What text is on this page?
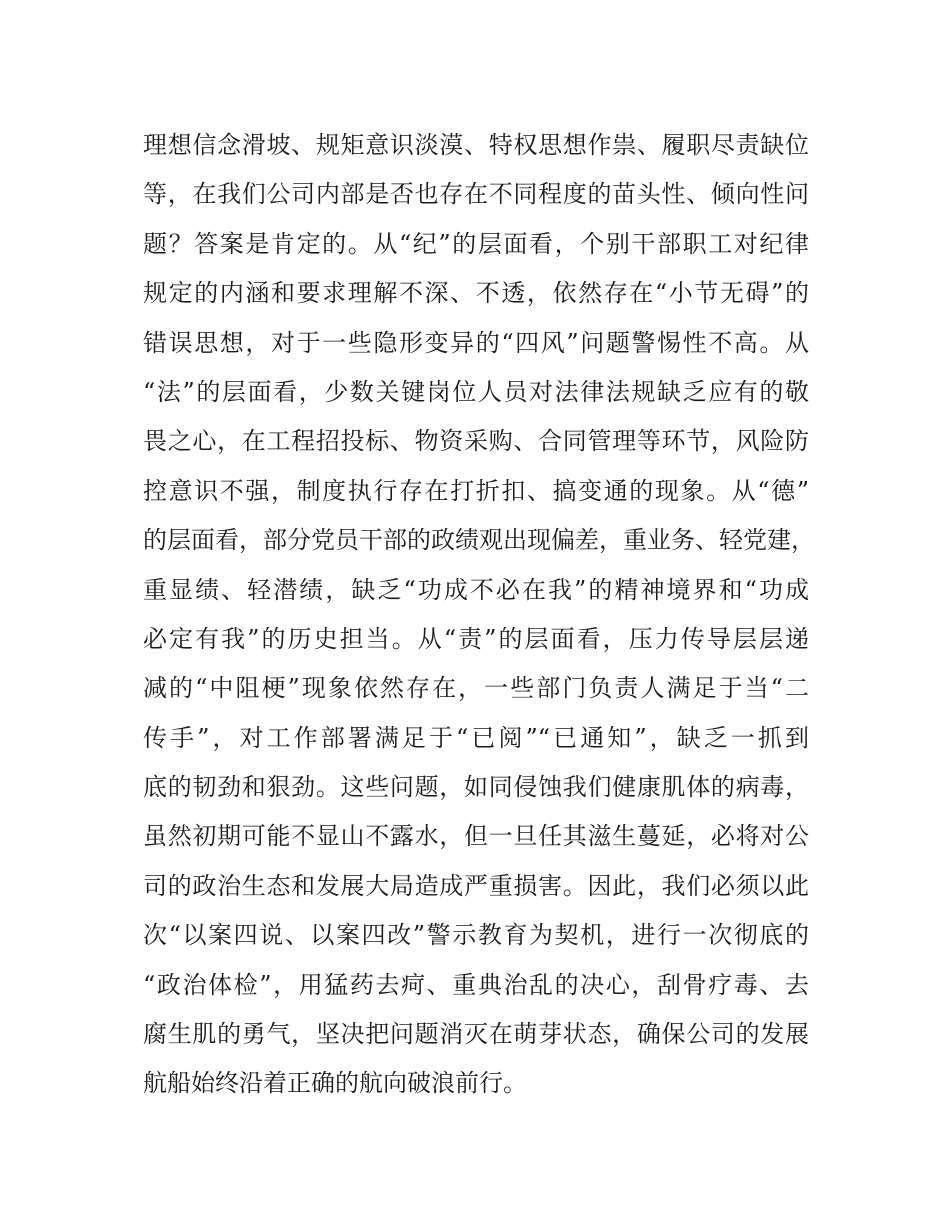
理想信念滑坡、规矩意识淡漠、特权思想作祟、履职尽责缺位
等，在我们公司内部是否也存在不同程度的苗头性、倾向性问
题？答案是肯定的。从“纪”的层面看，个别干部职工对纪律
规定的内涵和要求理解不深、不透，依然存在“小节无碍”的
错误思想，对于一些隐形变异的“四风”问题警惕性不高。从
“法”的层面看，少数关键岗位人员对法律法规缺乏应有的敬
畏之心，在工程招投标、物资采购、合同管理等环节，风险防
控意识不强，制度执行存在打折扣、搞变通的现象。从“德”
的层面看，部分党员干部的政绩观出现偏差，重业务、轻党建，
重显绩、轻潜绩，缺乏“功成不必在我”的精神境界和“功成
必定有我”的历史担当。从“责”的层面看，压力传导层层递
减的“中阻梗”现象依然存在，一些部门负责人满足于当“二
传手”，对工作部署满足于“已阅”“已通知”，缺乏一抓到
底的韧劲和狠劲。这些问题，如同侵蚀我们健康肌体的病毒，
虽然初期可能不显山不露水，但一旦任其滋生蔓延，必将对公
司的政治生态和发展大局造成严重损害。因此，我们必须以此
次“以案四说、以案四改”警示教育为契机，进行一次彻底的
“政治体检”，用猛药去疴、重典治乱的决心，刮骨疗毒、去
腐生肌的勇气，坚决把问题消灭在萌芽状态，确保公司的发展
航船始终沿着正确的航向破浪前行。
